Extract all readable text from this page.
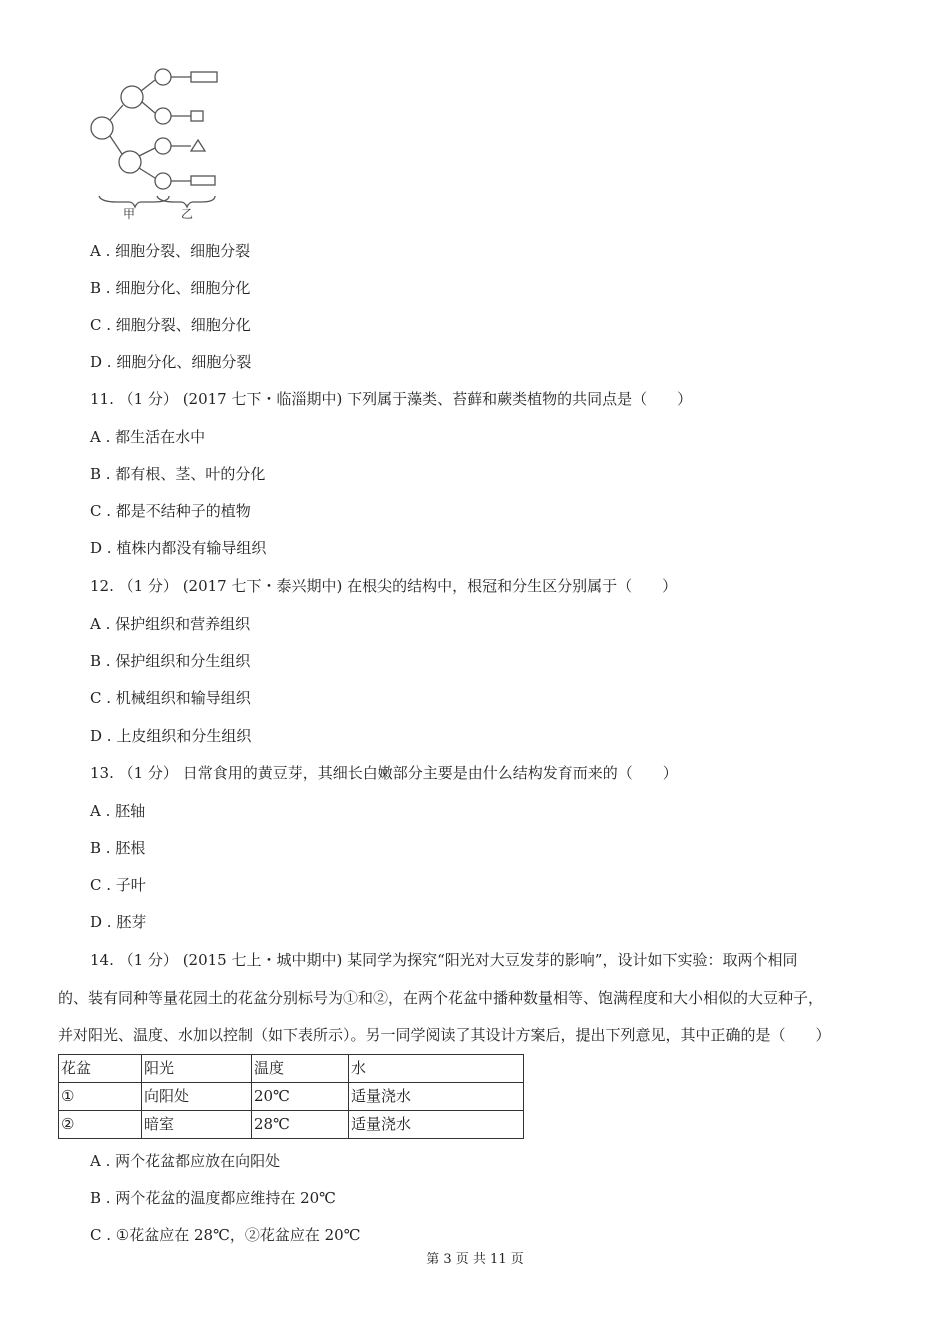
甲	乙
A . 细胞分裂、细胞分裂
B . 细胞分化、细胞分化
C . 细胞分裂、细胞分化
D . 细胞分化、细胞分裂
11. （1 分） (2017 七下・临淄期中) 下列属于藻类、苔藓和蕨类植物的共同点是（　　）
A . 都生活在水中
B . 都有根、茎、叶的分化
C . 都是不结种子的植物
D . 植株内都没有输导组织
12. （1 分） (2017 七下・泰兴期中) 在根尖的结构中，根冠和分生区分别属于（　　）
A . 保护组织和营养组织
B . 保护组织和分生组织
C . 机械组织和输导组织
D . 上皮组织和分生组织
13. （1 分） 日常食用的黄豆芽，其细长白嫩部分主要是由什么结构发育而来的（　　）
A . 胚轴
B . 胚根
C . 子叶
D . 胚芽
14. （1 分） (2015 七上・城中期中) 某同学为探究“阳光对大豆发芽的影响”，设计如下实验：取两个相同
的、装有同种等量花园土的花盆分别标号为①和②，在两个花盆中播种数量相等、饱满程度和大小相似的大豆种子，
并对阳光、温度、水加以控制（如下表所示）。另一同学阅读了其设计方案后，提出下列意见，其中正确的是（　　）
花盆	阳光	温度	水
①	向阳处	20℃	适量浇水
②	暗室	28℃	适量浇水
A . 两个花盆都应放在向阳处
B . 两个花盆的温度都应维持在 20℃
C . ①花盆应在 28℃，②花盆应在 20℃
第 3 页 共 11 页
